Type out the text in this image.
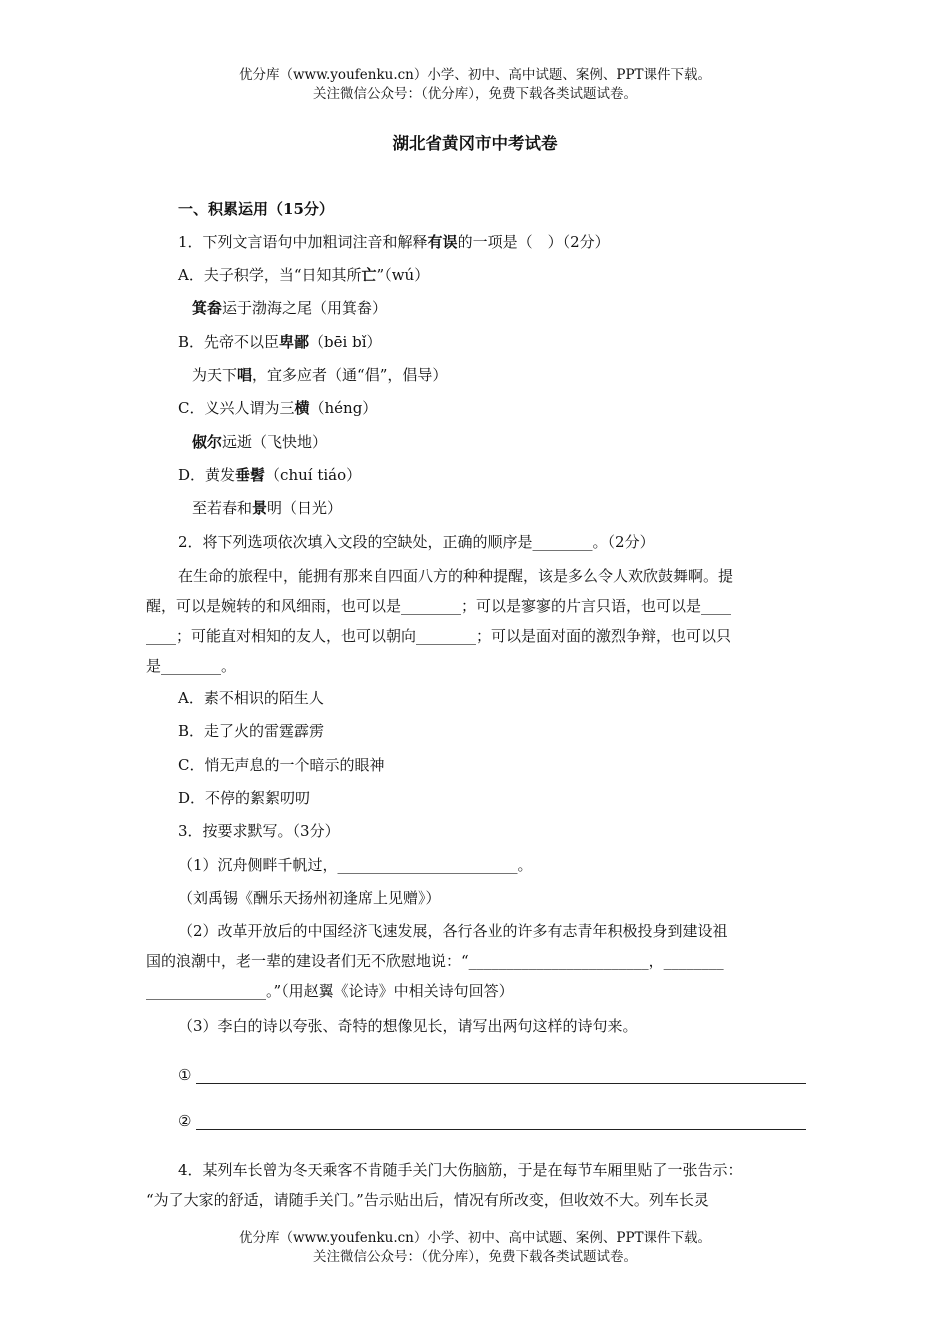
优分库（www.youfenku.cn）小学、初中、高中试题、案例、PPT课件下载。
关注微信公众号：（优分库），免费下载各类试题试卷。
湖北省黄冈市中考试卷
一、积累运用（15分）
1．下列文言语句中加粗词注音和解释有误的一项是（　）（2分）
A．夫子积学，当“日知其所亡”（wú）
箕畚运于渤海之尾（用箕畚）
B．先帝不以臣卑鄙（bēi bǐ）
为天下唱，宜多应者（通“倡”，倡导）
C．义兴人谓为三横（héng）
俶尔远逝（飞快地）
D．黄发垂髫（chuí tiáo）
至若春和景明（日光）
2．将下列选项依次填入文段的空缺处，正确的顺序是________。（2分）
在生命的旅程中，能拥有那来自四面八方的种种提醒，该是多么令人欢欣鼓舞啊。提
醒，可以是婉转的和风细雨，也可以是________；可以是寥寥的片言只语，也可以是____
____；可能直对相知的友人，也可以朝向________；可以是面对面的激烈争辩，也可以只
是________。
A．素不相识的陌生人
B．走了火的雷霆霹雳
C．悄无声息的一个暗示的眼神
D．不停的絮絮叨叨
3．按要求默写。（3分）
（1）沉舟侧畔千帆过，________________________。
（刘禹锡《酬乐天扬州初逢席上见赠》）
（2）改革开放后的中国经济飞速发展，各行各业的许多有志青年积极投身到建设祖
国的浪潮中，老一辈的建设者们无不欣慰地说：“________________________，________
________________。”（用赵翼《论诗》中相关诗句回答）
（3）李白的诗以夸张、奇特的想像见长，请写出两句这样的诗句来。
①
②
4．某列车长曾为冬天乘客不肯随手关门大伤脑筋，于是在每节车厢里贴了一张告示：
“为了大家的舒适，请随手关门。”告示贴出后，情况有所改变，但收效不大。列车长灵
优分库（www.youfenku.cn）小学、初中、高中试题、案例、PPT课件下载。
关注微信公众号：（优分库），免费下载各类试题试卷。
